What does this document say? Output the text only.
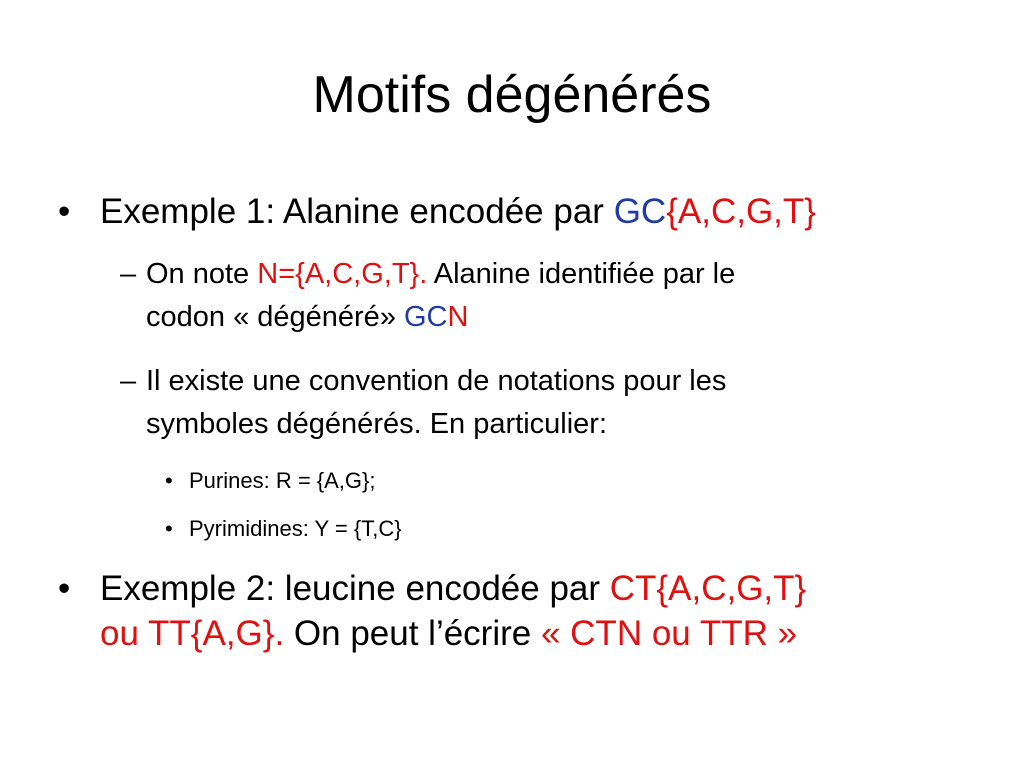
Motifs dégénérés
• Exemple 1: Alanine encodée par GC{A,C,G,T}
– On note N={A,C,G,T}. Alanine identifiée par le
codon « dégénéré» GCN
– Il existe une convention de notations pour les
symboles dégénérés. En particulier:
• Purines: R = {A,G};
• Pyrimidines: Y = {T,C}
• Exemple 2: leucine encodée par CT{A,C,G,T}
ou TT{A,G}. On peut l’écrire « CTN ou TTR »
